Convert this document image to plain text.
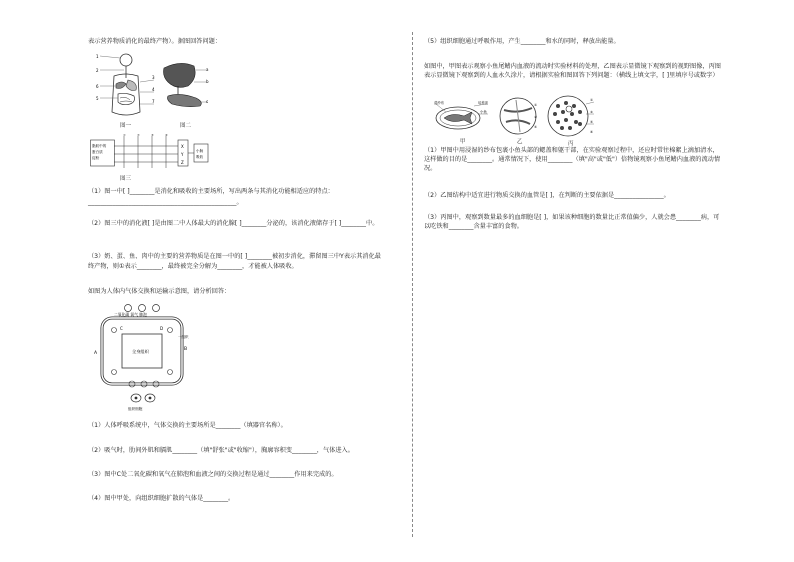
表示营养物质消化的最终产物）。据图回答问题：
1
2
6
5
3
4
7
图一
a
b
c
图二
脂肪中的
蛋白质
淀粉
①	②	③	④
X
Y
Z
小肠
吸收
图三
（1）图一中[ ]________是消化和吸收的主要场所，写出两条与其消化功能相适应的特点：
________________________________________________。
（2）图三中的消化液[ ]是由图二中人体最大的消化腺[ ]________分泌的，该消化液储存于[ ]________中。
（3）奶、蛋、鱼、肉中的主要的营养物质是在图一中的[ ]________被初步消化，滞留图三中Y表示其消化最
终产物，则①表示________，最终被完全分解为________，才能被人体吸收。
如图为人体内气体交换和运输示意图，请分析回答：
二氧化碳 氧气 肺泡
全身组织
A
B
C	D
一组织
组织细胞
（1）人体呼吸系统中，气体交换的主要场所是________（填器官名称）。
（2）吸气时，肋间外肌和膈肌________（填"舒张"或"收缩"），胸廓容积变________，气体进入。
（3）图中C处二氧化碳和氧气在肺泡和血液之间的交换过程是通过________作用来完成的。
（4）图中甲处，向组织细胞扩散的气体是________。
（5）组织细胞通过呼吸作用，产生________和水的同时，释放出能量。
如图中，甲图表示观察小鱼尾鳍内血液的流动时实验材料的处理，乙图表示显微镜下观察到的视野图像，丙图表示显微镜下观察到的人血永久涂片，请根据实验和图回答下列问题：（横线上填文字，[ ]里填序号或数字）
湿纱布	培养皿
小鱼
甲
①
②
③
乙
①
②
③
④
丙
（1）甲图中用浸湿的纱布包裹小鱼头部的鳃盖和躯干部，在实验观察过程中，还应时常往棉絮上滴加清水，这样做的目的是________。通常情况下，使用________（填"高"或"低"）倍物镜观察小鱼尾鳍内血液的流动情况。
（2）乙图结构中适宜进行物质交换的血管是[ ]，在判断的主要依据是________________。
（3）丙图中，观察到数量最多的血细胞是[ ]，如果该种细胞的数量比正常值偏少，人就会患________病，可以吃铁和________含量丰富的食物。
